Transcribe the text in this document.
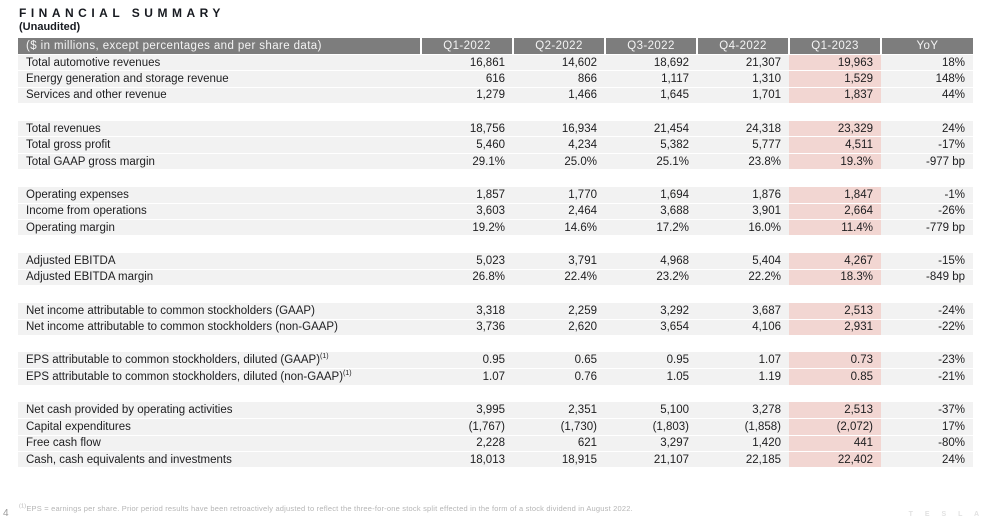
FINANCIAL SUMMARY
(Unaudited)
($ in millions, except percentages and per share data)	Q1-2022	Q2-2022	Q3-2022	Q4-2022	Q1-2023	YoY
Total automotive revenues	16,861	14,602	18,692	21,307	19,963	18%
Energy generation and storage revenue	616	866	1,117	1,310	1,529	148%
Services and other revenue	1,279	1,466	1,645	1,701	1,837	44%

Total revenues	18,756	16,934	21,454	24,318	23,329	24%
Total gross profit	5,460	4,234	5,382	5,777	4,511	-17%
Total GAAP gross margin	29.1%	25.0%	25.1%	23.8%	19.3%	-977 bp

Operating expenses	1,857	1,770	1,694	1,876	1,847	-1%
Income from operations	3,603	2,464	3,688	3,901	2,664	-26%
Operating margin	19.2%	14.6%	17.2%	16.0%	11.4%	-779 bp

Adjusted EBITDA	5,023	3,791	4,968	5,404	4,267	-15%
Adjusted EBITDA margin	26.8%	22.4%	23.2%	22.2%	18.3%	-849 bp

Net income attributable to common stockholders (GAAP)	3,318	2,259	3,292	3,687	2,513	-24%
Net income attributable to common stockholders (non-GAAP)	3,736	2,620	3,654	4,106	2,931	-22%

EPS attributable to common stockholders, diluted (GAAP)$^{(1)}$	0.95	0.65	0.95	1.07	0.73	-23%
EPS attributable to common stockholders, diluted (non-GAAP)$^{(1)}$	1.07	0.76	1.05	1.19	0.85	-21%

Net cash provided by operating activities	3,995	2,351	5,100	3,278	2,513	-37%
Capital expenditures	(1,767)	(1,730)	(1,803)	(1,858)	(2,072)	17%
Free cash flow	2,228	621	3,297	1,420	441	-80%
Cash, cash equivalents and investments	18,013	18,915	21,107	22,185	22,402	24%
$^{(1)}$EPS = earnings per share. Prior period results have been retroactively adjusted to reflect the three-for-one stock split effected in the form of a stock dividend in August 2022.
4	T E S L A
